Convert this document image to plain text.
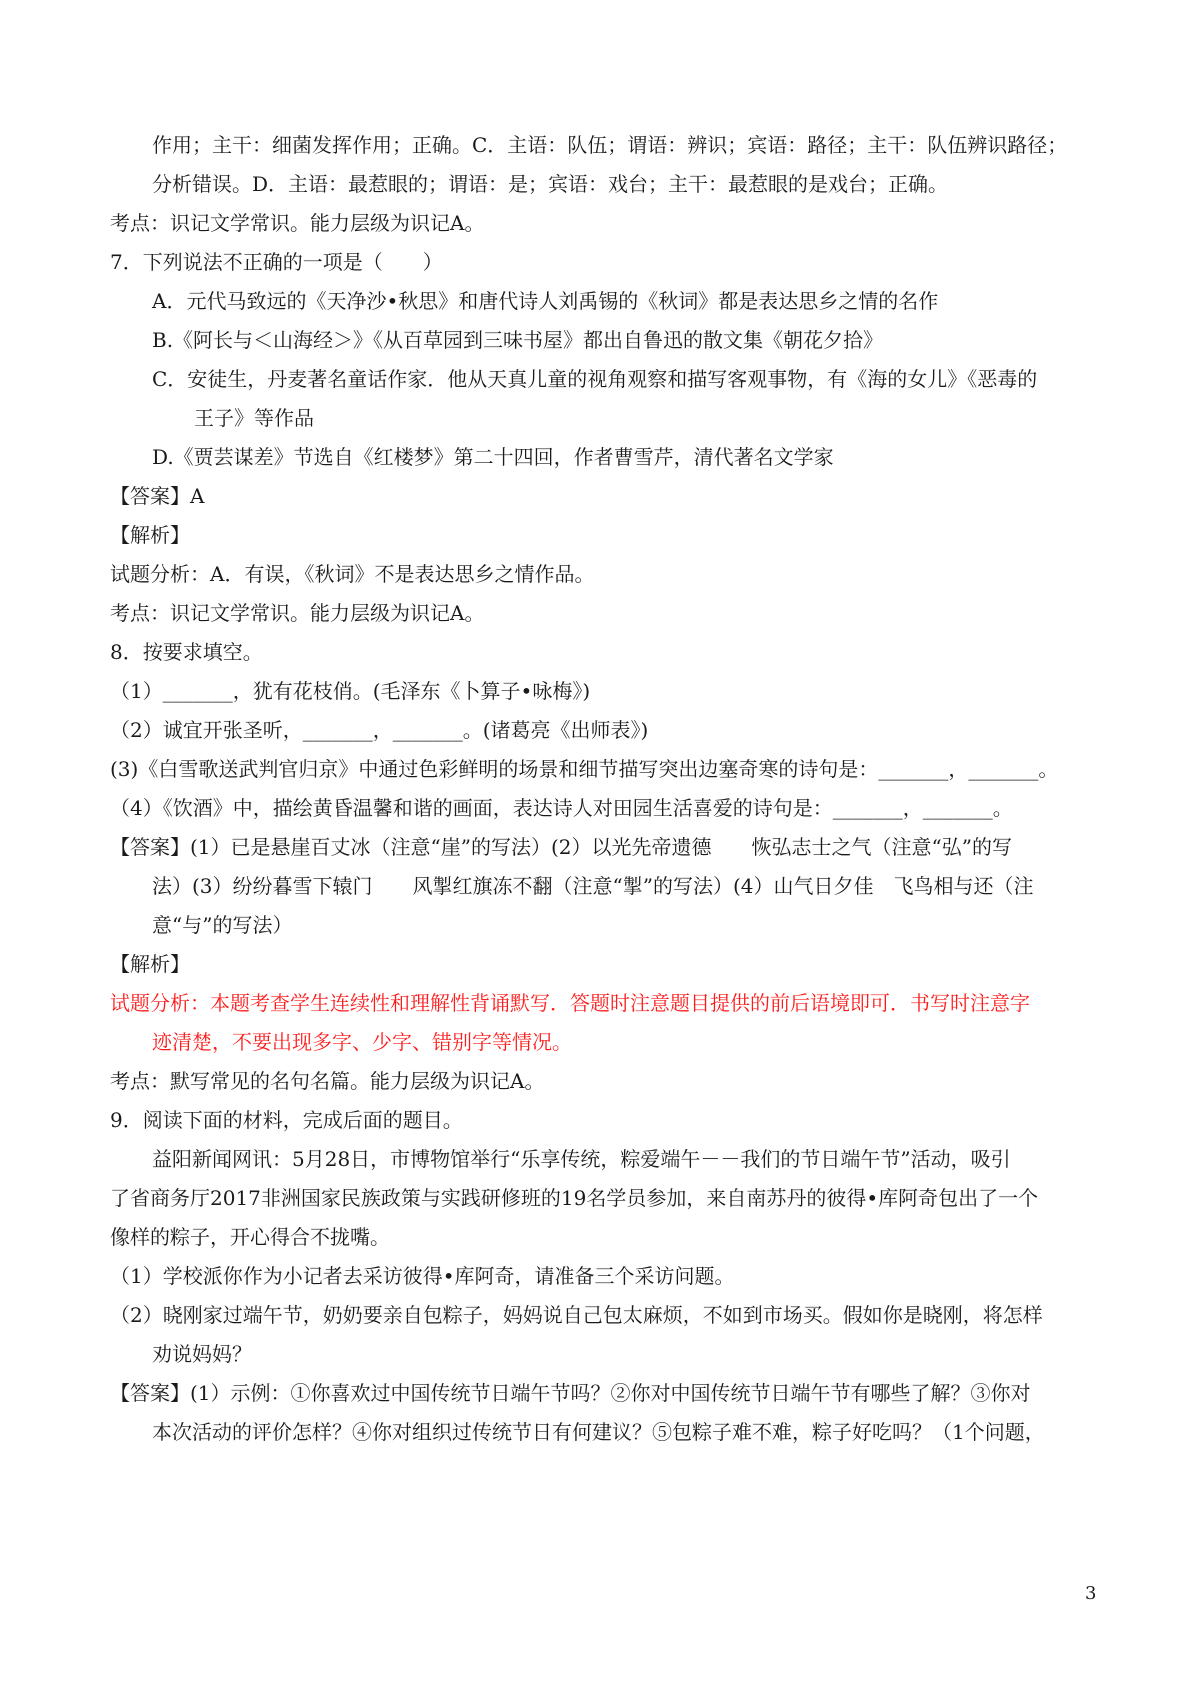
作用；主干：细菌发挥作用；正确。C．主语：队伍；谓语：辨识；宾语：路径；主干：队伍辨识路径；
分析错误。D．主语：最惹眼的；谓语：是；宾语：戏台；主干：最惹眼的是戏台；正确。
考点：识记文学常识。能力层级为识记A。
7．下列说法不正确的一项是（　　）
A．元代马致远的《天净沙•秋思》和唐代诗人刘禹锡的《秋词》都是表达思乡之情的名作
B.《阿长与＜山海经＞》《从百草园到三味书屋》都出自鲁迅的散文集《朝花夕拾》
C．安徒生，丹麦著名童话作家．他从天真儿童的视角观察和描写客观事物，有《海的女儿》《恶毒的
王子》等作品
D.《贾芸谋差》节选自《红楼梦》第二十四回，作者曹雪芹，清代著名文学家
【答案】A
【解析】
试题分析：A．有误，《秋词》不是表达思乡之情作品。
考点：识记文学常识。能力层级为识记A。
8．按要求填空。
（1）_______，犹有花枝俏。(毛泽东《卜算子•咏梅》)
（2）诚宜开张圣听，_______，_______。(诸葛亮《出师表》)
(3)《白雪歌送武判官归京》中通过色彩鲜明的场景和细节描写突出边塞奇寒的诗句是：_______，_______。
（4）《饮酒》中，描绘黄昏温馨和谐的画面，表达诗人对田园生活喜爱的诗句是：_______，_______。
【答案】(1）已是悬崖百丈冰（注意“崖”的写法）(2）以光先帝遗德　　恢弘志士之气（注意“弘”的写
法）(3）纷纷暮雪下辕门　　风掣红旗冻不翻（注意“掣”的写法）(4）山气日夕佳　飞鸟相与还（注
意“与”的写法）
【解析】
试题分析：本题考查学生连续性和理解性背诵默写．答题时注意题目提供的前后语境即可．书写时注意字
迹清楚，不要出现多字、少字、错别字等情况。
考点：默写常见的名句名篇。能力层级为识记A。
9．阅读下面的材料，完成后面的题目。
益阳新闻网讯：5月28日，市博物馆举行“乐享传统，粽爱端午－－我们的节日端午节”活动，吸引
了省商务厅2017非洲国家民族政策与实践研修班的19名学员参加，来自南苏丹的彼得•库阿奇包出了一个
像样的粽子，开心得合不拢嘴。
（1）学校派你作为小记者去采访彼得•库阿奇，请准备三个采访问题。
（2）晓刚家过端午节，奶奶要亲自包粽子，妈妈说自己包太麻烦，不如到市场买。假如你是晓刚，将怎样
劝说妈妈？
【答案】(1）示例：①你喜欢过中国传统节日端午节吗？②你对中国传统节日端午节有哪些了解？③你对
本次活动的评价怎样？④你对组织过传统节日有何建议？⑤包粽子难不难，粽子好吃吗？（1个问题，
3
